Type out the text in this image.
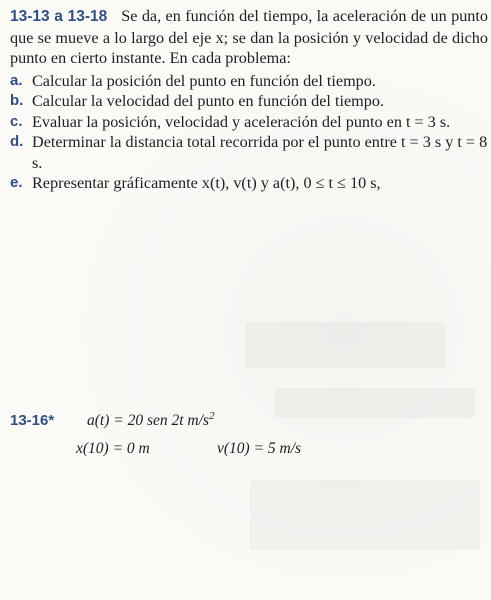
13-13 a 13-18 Se da, en función del tiempo, la aceleración de un punto que se mueve a lo largo del eje x; se dan la posición y velocidad de dicho punto en cierto instante. En cada problema:

a. Calcular la posición del punto en función del tiempo.
b. Calcular la velocidad del punto en función del tiempo.
c. Evaluar la posición, velocidad y aceleración del punto en t = 3 s.
d. Determinar la distancia total recorrida por el punto entre t = 3 s y t = 8 s.
e. Representar gráficamente x(t), v(t) y a(t), 0 ≤ t ≤ 10 s,
13-16* a(t) = 20 sen 2t $m/s^2$
x(10) = 0 m	v(10) = 5 m/s
